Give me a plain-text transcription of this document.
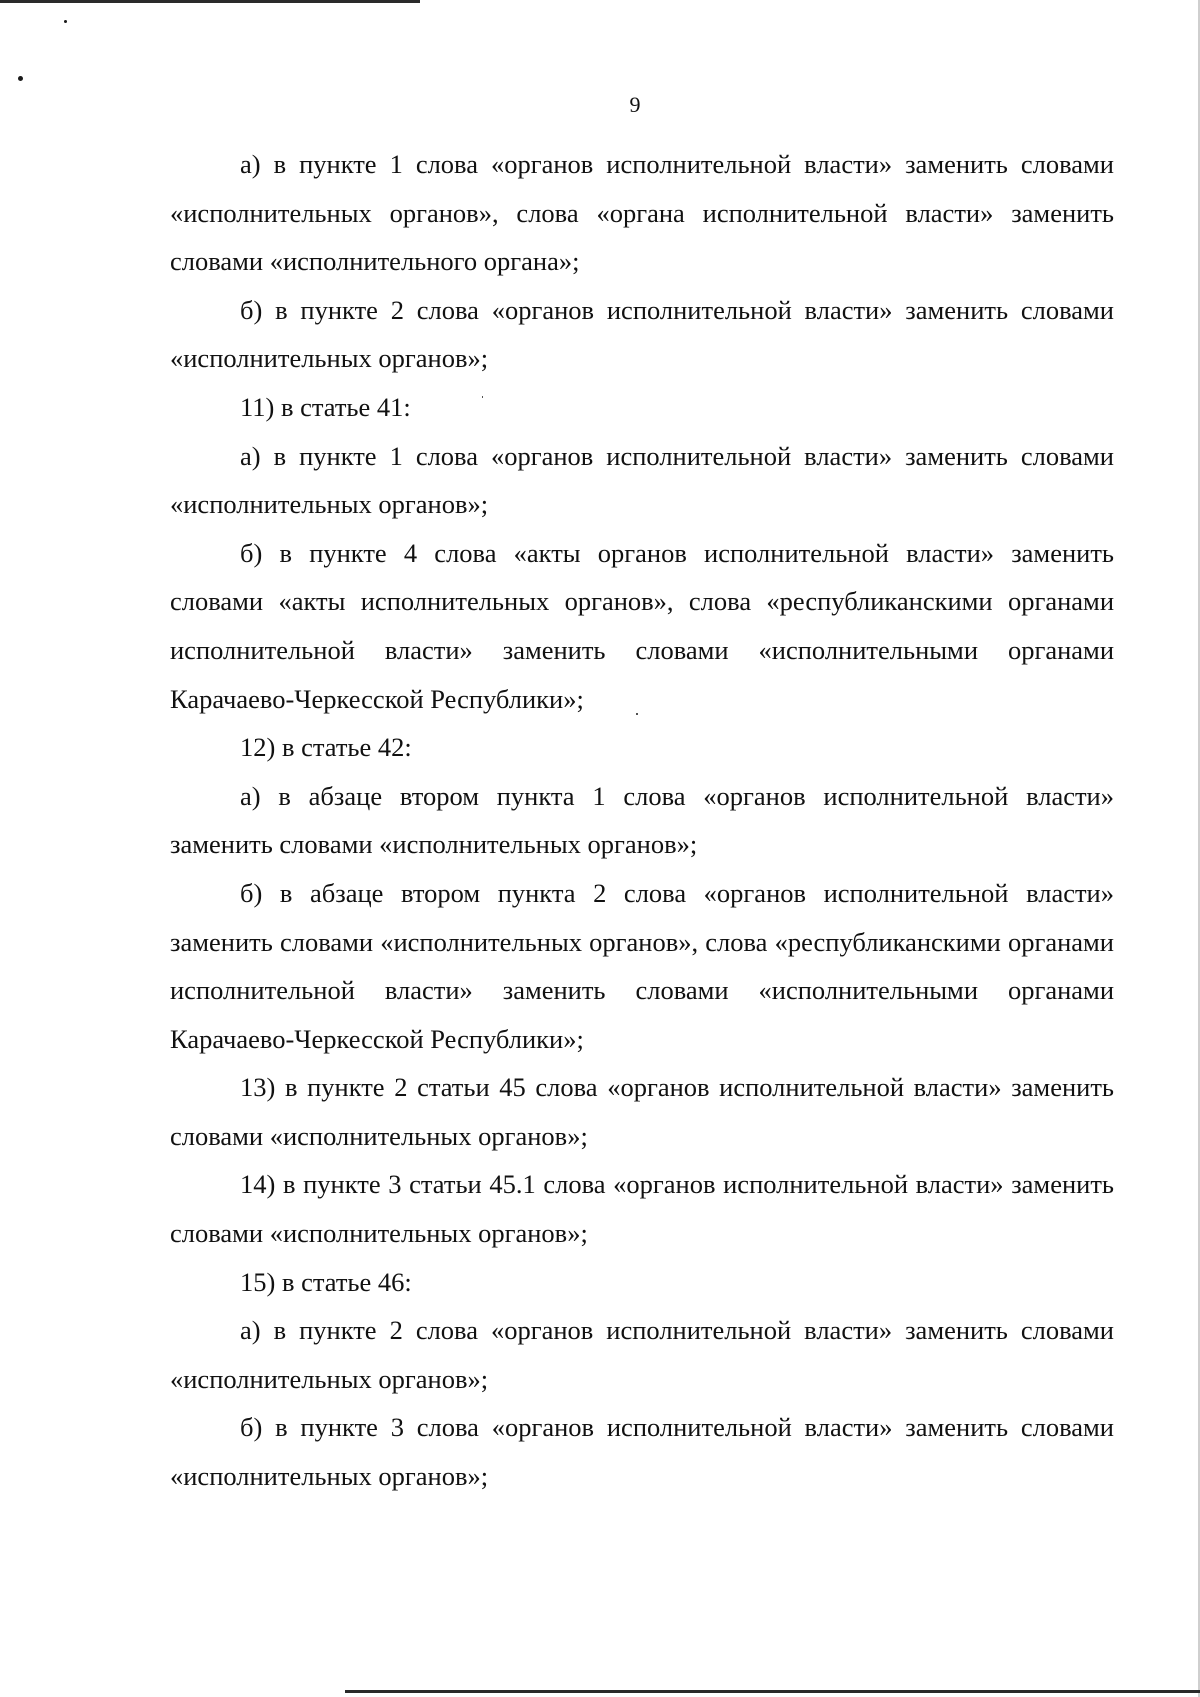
9

а) в пункте 1 слова «органов исполнительной власти» заменить словами «исполнительных органов», слова «органа исполнительной власти» заменить словами «исполнительного органа»;

б) в пункте 2 слова «органов исполнительной власти» заменить словами «исполнительных органов»;

11) в статье 41:

а) в пункте 1 слова «органов исполнительной власти» заменить словами «исполнительных органов»;

б) в пункте 4 слова «акты органов исполнительной власти» заменить словами «акты исполнительных органов», слова «республиканскими органами исполнительной власти» заменить словами «исполнительными органами Карачаево-Черкесской Республики»;

12) в статье 42:

а) в абзаце втором пункта 1 слова «органов исполнительной власти» заменить словами «исполнительных органов»;

б) в абзаце втором пункта 2 слова «органов исполнительной власти» заменить словами «исполнительных органов», слова «республиканскими органами исполнительной власти» заменить словами «исполнительными органами Карачаево-Черкесской Республики»;

13) в пункте 2 статьи 45 слова «органов исполнительной власти» заменить словами «исполнительных органов»;

14) в пункте 3 статьи 45.1 слова «органов исполнительной власти» заменить словами «исполнительных органов»;

15) в статье 46:

а) в пункте 2 слова «органов исполнительной власти» заменить словами «исполнительных органов»;

б) в пункте 3 слова «органов исполнительной власти» заменить словами «исполнительных органов»;
